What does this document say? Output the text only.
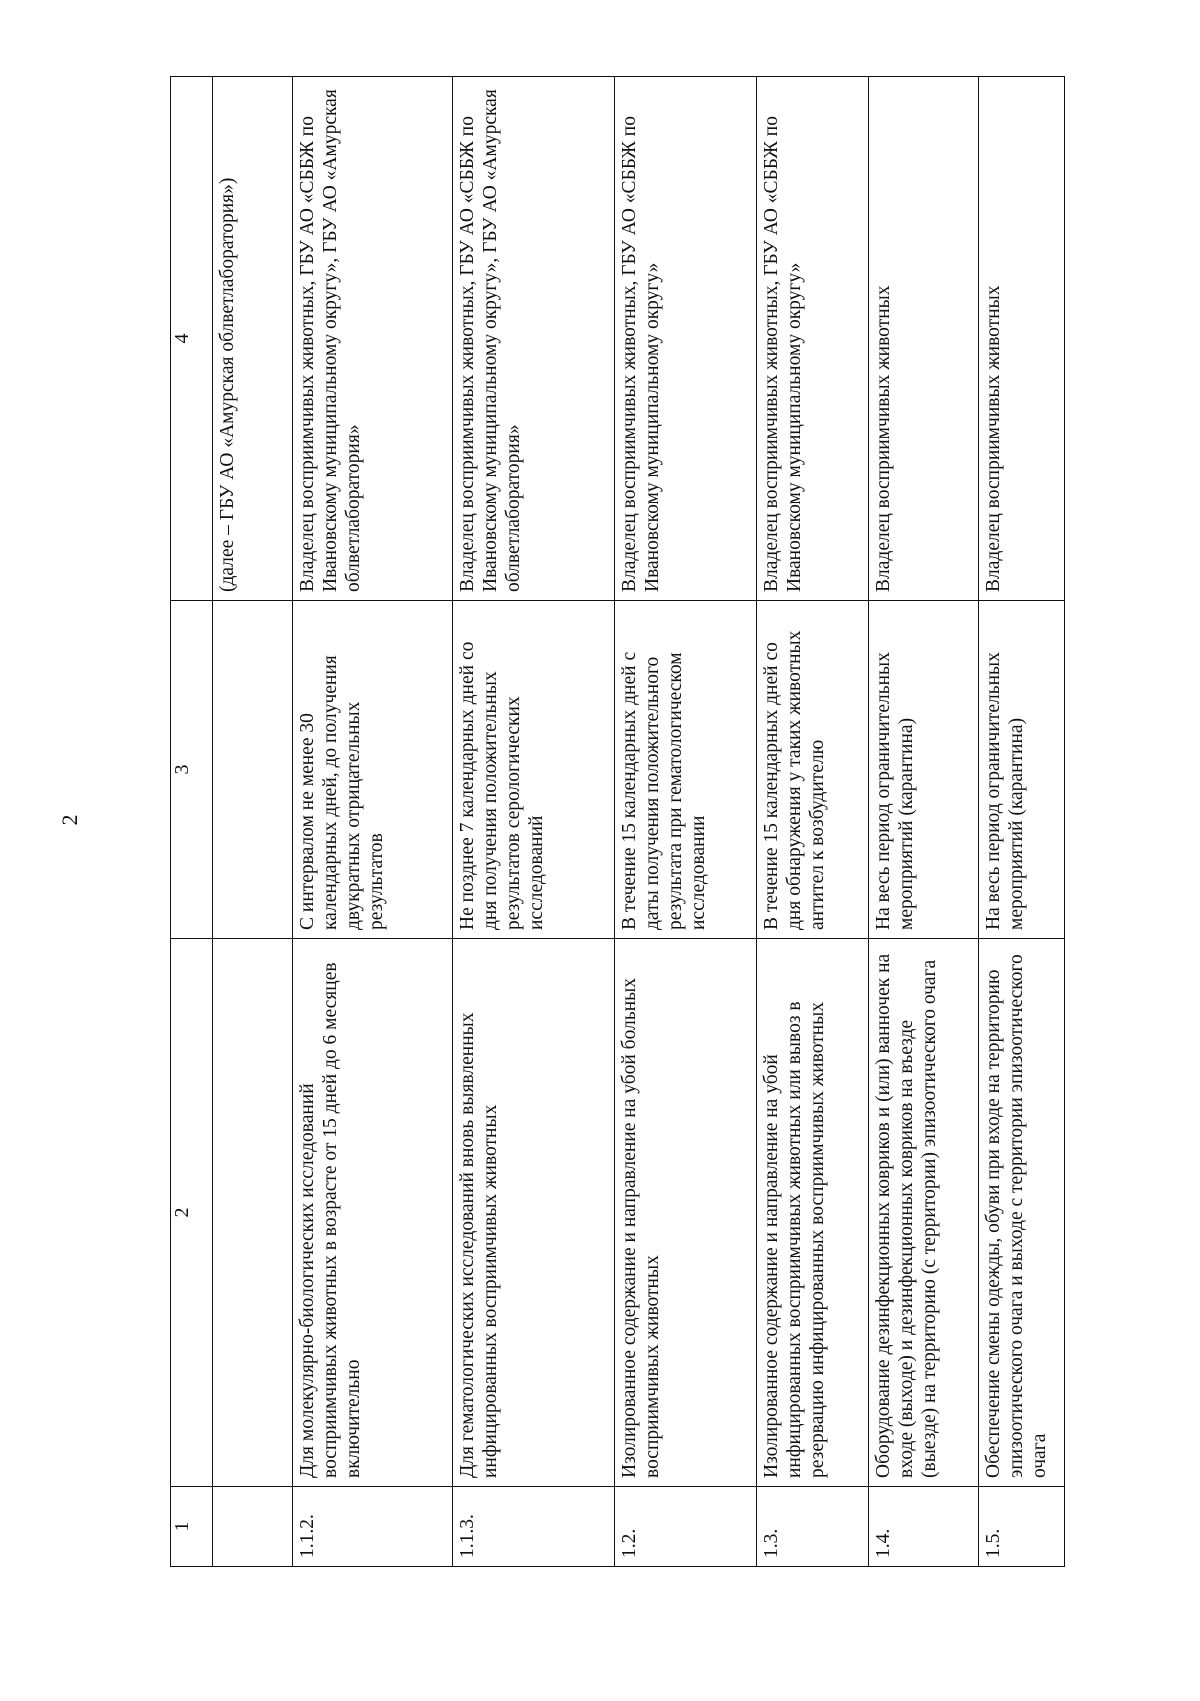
2
1	2	3	4
			(далее – ГБУ АО «Амурская облветлаборатория»)
1.1.2.	Для молекулярно-биологических исследований восприимчивых животных в возрасте от 15 дней до 6 месяцев включительно	С интервалом не менее 30 календарных дней, до получения двукратных отрицательных результатов	Владелец восприимчивых животных, ГБУ АО «СББЖ по Ивановскому муниципальному округу», ГБУ АО «Амурская облветлаборатория»
1.1.3.	Для гематологических исследований вновь выявленных инфицированных восприимчивых животных	Не позднее 7 календарных дней со дня получения положительных результатов серологических исследований	Владелец восприимчивых животных, ГБУ АО «СББЖ по Ивановскому муниципальному округу», ГБУ АО «Амурская облветлаборатория»
1.2.	Изолированное содержание и направление на убой больных восприимчивых животных	В течение 15 календарных дней с даты получения положительного результата при гематологическом исследовании	Владелец восприимчивых животных, ГБУ АО «СББЖ по Ивановскому муниципальному округу»
1.3.	Изолированное содержание и направление на убой инфицированных восприимчивых животных или вывоз в резервацию инфицированных восприимчивых животных	В течение 15 календарных дней со дня обнаружения у таких животных антител к возбудителю	Владелец восприимчивых животных, ГБУ АО «СББЖ по Ивановскому муниципальному округу»
1.4.	Оборудование дезинфекционных ковриков и (или) ванночек на входе (выходе) и дезинфекционных ковриков на въезде (выезде) на территорию (с территории) эпизоотического очага	На весь период ограничительных мероприятий (карантина)	Владелец восприимчивых животных
1.5.	Обеспечение смены одежды, обуви при входе на территорию эпизоотического очага и выходе с территории эпизоотического очага	На весь период ограничительных мероприятий (карантина)	Владелец восприимчивых животных
